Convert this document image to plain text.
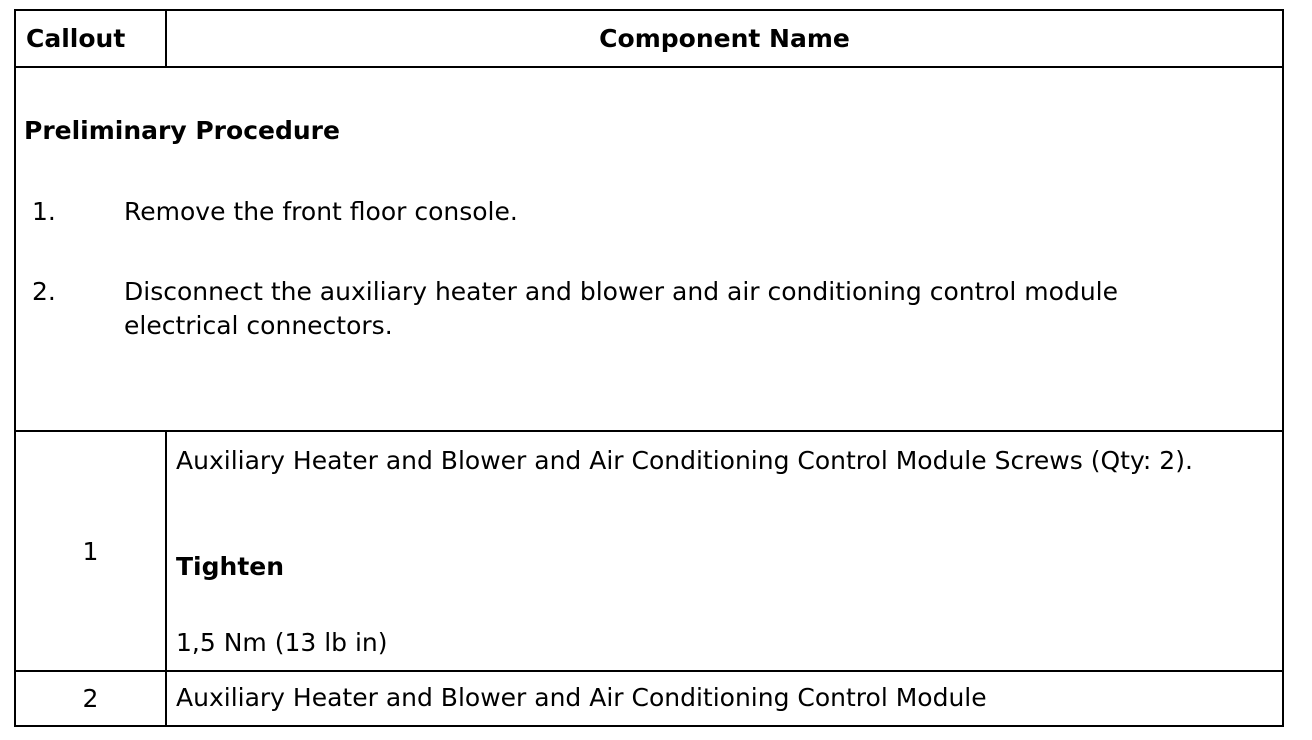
Callout	Component Name

Preliminary Procedure
1. Remove the front floor console.
2. Disconnect the auxiliary heater and blower and air conditioning control module electrical connectors.	

1	Auxiliary Heater and Blower and Air Conditioning Control Module Screws (Qty: 2).
Tighten
1,5 Nm (13 lb in)

2	Auxiliary Heater and Blower and Air Conditioning Control Module
